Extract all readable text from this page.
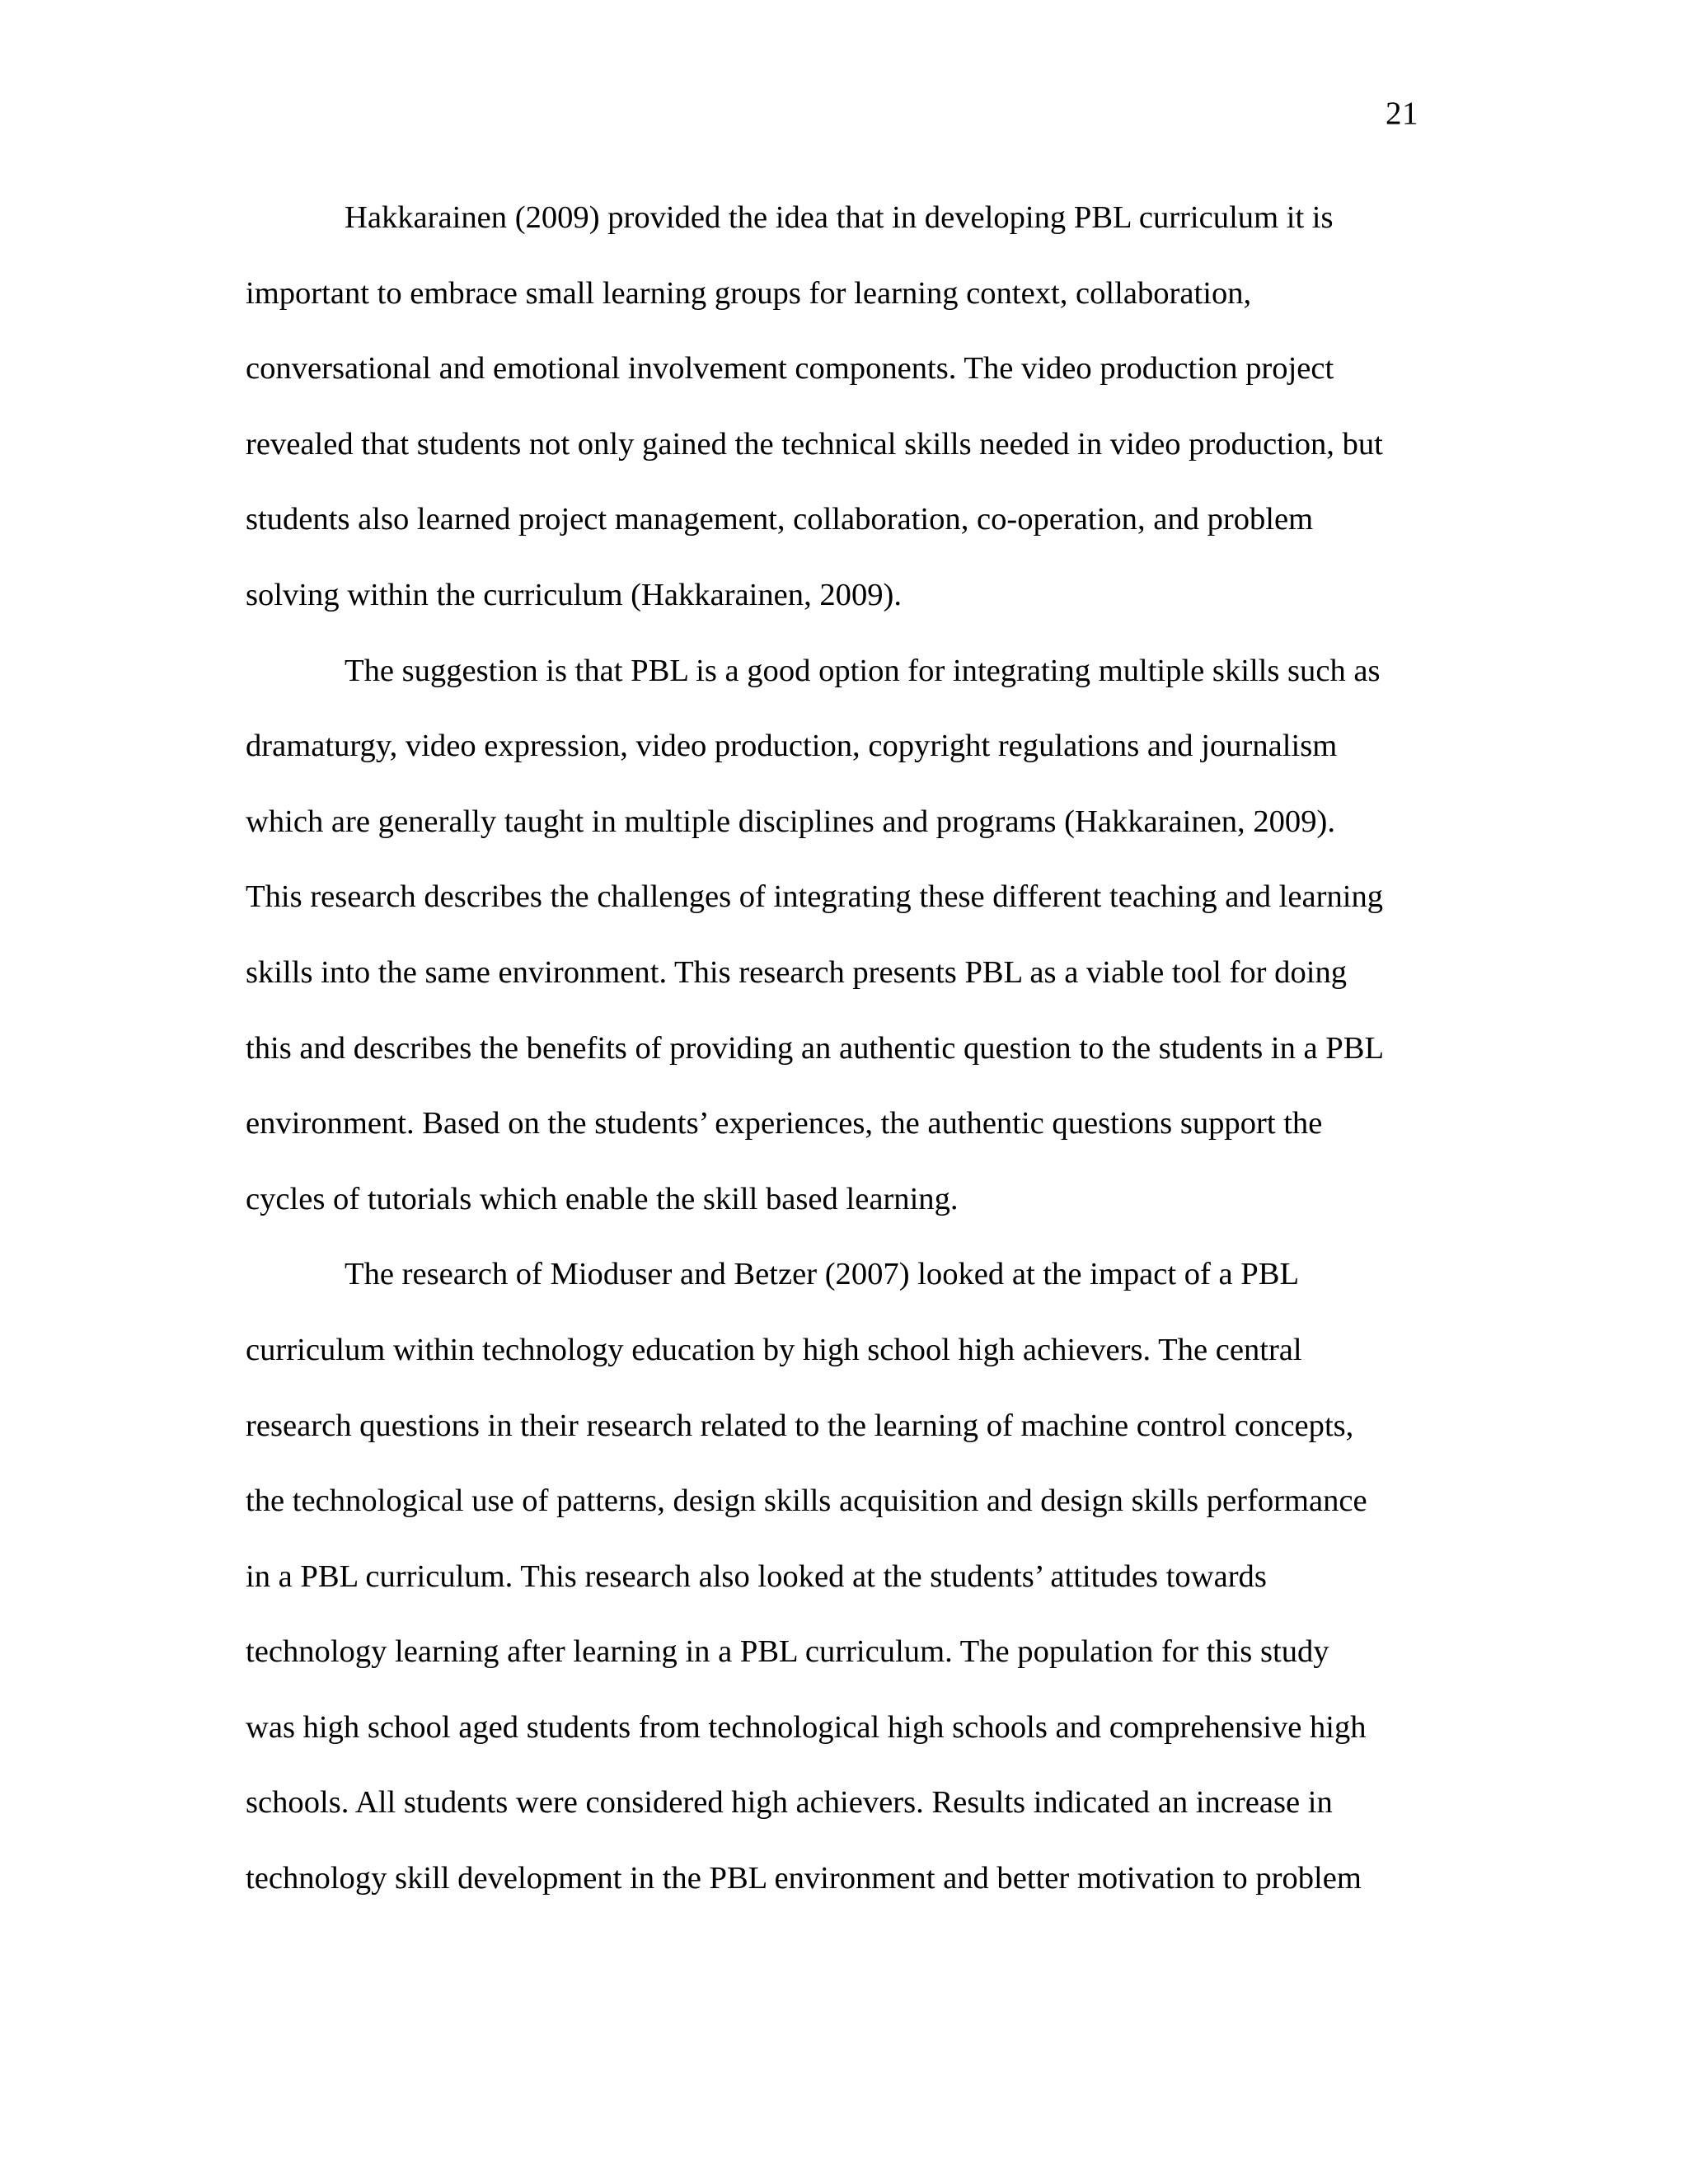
21
Hakkarainen (2009) provided the idea that in developing PBL curriculum it is
important to embrace small learning groups for learning context, collaboration,
conversational and emotional involvement components. The video production project
revealed that students not only gained the technical skills needed in video production, but
students also learned project management, collaboration, co-operation, and problem
solving within the curriculum (Hakkarainen, 2009).
The suggestion is that PBL is a good option for integrating multiple skills such as
dramaturgy, video expression, video production, copyright regulations and journalism
which are generally taught in multiple disciplines and programs (Hakkarainen, 2009).
This research describes the challenges of integrating these different teaching and learning
skills into the same environment. This research presents PBL as a viable tool for doing
this and describes the benefits of providing an authentic question to the students in a PBL
environment. Based on the students’ experiences, the authentic questions support the
cycles of tutorials which enable the skill based learning.
The research of Mioduser and Betzer (2007) looked at the impact of a PBL
curriculum within technology education by high school high achievers. The central
research questions in their research related to the learning of machine control concepts,
the technological use of patterns, design skills acquisition and design skills performance
in a PBL curriculum. This research also looked at the students’ attitudes towards
technology learning after learning in a PBL curriculum. The population for this study
was high school aged students from technological high schools and comprehensive high
schools. All students were considered high achievers. Results indicated an increase in
technology skill development in the PBL environment and better motivation to problem
